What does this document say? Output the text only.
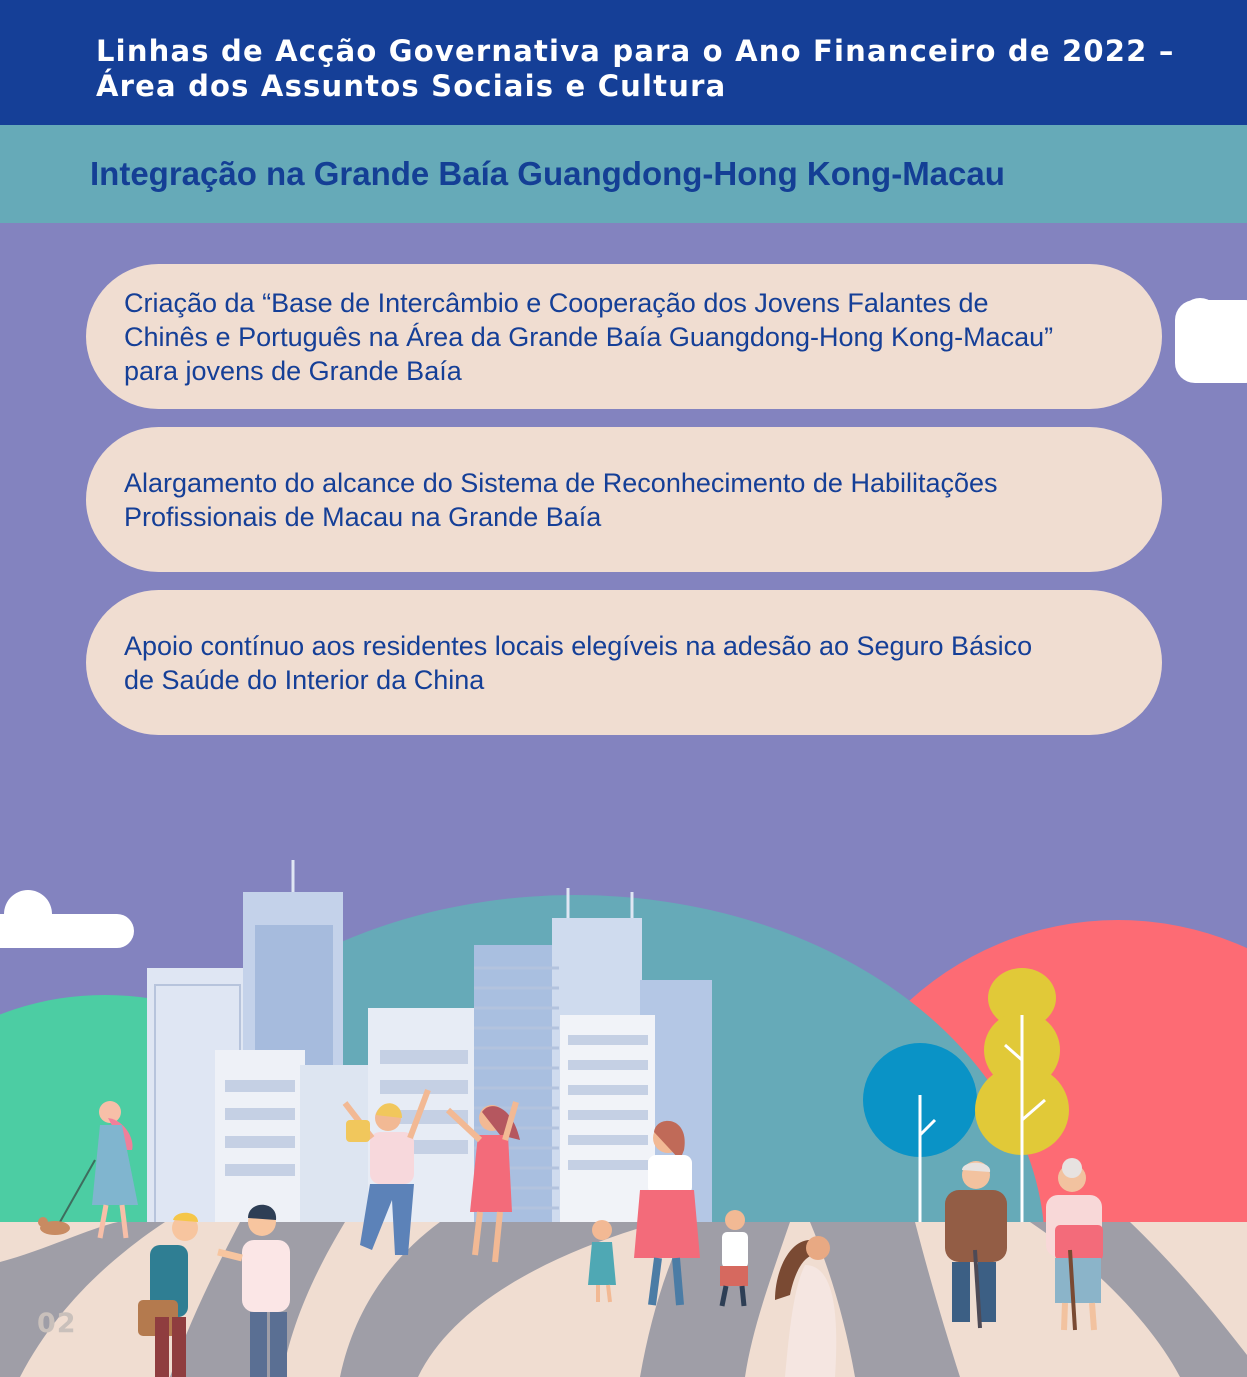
Linhas de Acção Governativa para o Ano Financeiro de 2022 –
Área dos Assuntos Sociais e Cultura
Integração na Grande Baía Guangdong-Hong Kong-Macau

Criação da “Base de Intercâmbio e Cooperação dos Jovens Falantes de
Chinês e Português na Área da Grande Baía Guangdong-Hong Kong-Macau”
para jovens de Grande Baía

Alargamento do alcance do Sistema de Reconhecimento de Habilitações
Profissionais de Macau na Grande Baía

Apoio contínuo aos residentes locais elegíveis na adesão ao Seguro Básico
de Saúde do Interior da China

02
